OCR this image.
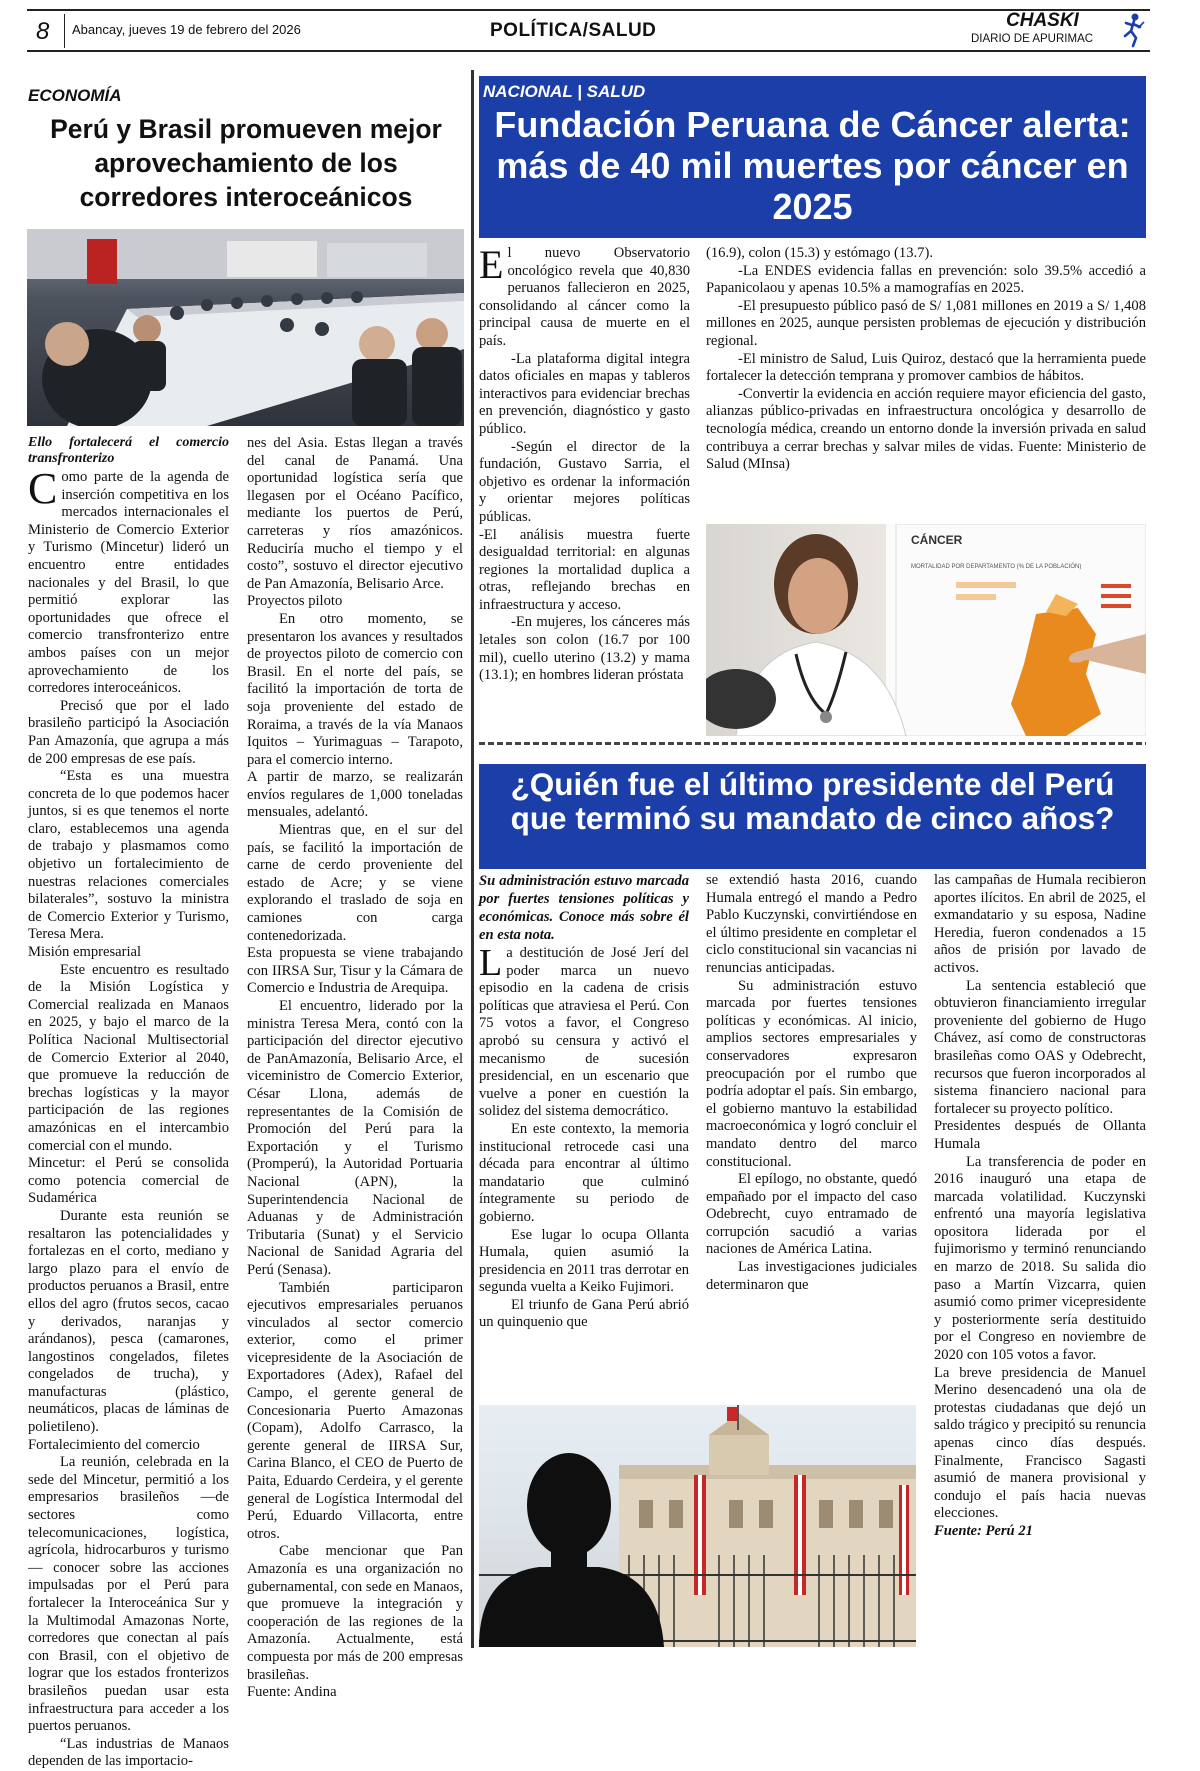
8 Abancay, jueves 19 de febrero del 2026	POLÍTICA/SALUD	CHASKI
DIARIO DE APURIMAC
ECONOMÍA
Perú y Brasil promueven mejor aprovechamiento de los corredores interoceánicos
Ello fortalecerá el comercio transfronterizo

Como parte de la agenda de inserción competitiva en los mercados internacionales el Ministerio de Comercio Exterior y Turismo (Mincetur) lideró un encuentro entre entidades nacionales y del Brasil, lo que permitió explorar las oportunidades que ofrece el comercio transfronterizo entre ambos países con un mejor aprovechamiento de los corredores interoceánicos.

Precisó que por el lado brasileño participó la Asociación Pan Amazonía, que agrupa a más de 200 empresas de ese país.

“Esta es una muestra concreta de lo que podemos hacer juntos, si es que tenemos el norte claro, establecemos una agenda de trabajo y plasmamos como objetivo un fortalecimiento de nuestras relaciones comerciales bilaterales”, sostuvo la ministra de Comercio Exterior y Turismo, Teresa Mera.

Misión empresarial

Este encuentro es resultado de la Misión Logística y Comercial realizada en Manaos en 2025, y bajo el marco de la Política Nacional Multisectorial de Comercio Exterior al 2040, que promueve la reducción de brechas logísticas y la mayor participación de las regiones amazónicas en el intercambio comercial con el mundo.

Mincetur: el Perú se consolida como potencia comercial de Sudamérica

Durante esta reunión se resaltaron las potencialidades y fortalezas en el corto, mediano y largo plazo para el envío de productos peruanos a Brasil, entre ellos del agro (frutos secos, cacao y derivados, naranjas y arándanos), pesca (camarones, langostinos congelados, filetes congelados de trucha), y manufacturas (plástico, neumáticos, placas de láminas de polietileno).

Fortalecimiento del comercio

La reunión, celebrada en la sede del Mincetur, permitió a los empresarios brasileños —de sectores como telecomunicaciones, logística, agrícola, hidrocarburos y turismo— conocer sobre las acciones impulsadas por el Perú para fortalecer la Interoceánica Sur y la Multimodal Amazonas Norte, corredores que conectan al país con Brasil, con el objetivo de lograr que los estados fronterizos brasileños puedan usar esta infraestructura para acceder a los puertos peruanos.

“Las industrias de Manaos dependen de las importacio-

nes del Asia. Estas llegan a través del canal de Panamá. Una oportunidad logística sería que llegasen por el Océano Pacífico, mediante los puertos de Perú, carreteras y ríos amazónicos. Reduciría mucho el tiempo y el costo”, sostuvo el director ejecutivo de Pan Amazonía, Belisario Arce.

Proyectos piloto

En otro momento, se presentaron los avances y resultados de proyectos piloto de comercio con Brasil. En el norte del país, se facilitó la importación de torta de soja proveniente del estado de Roraima, a través de la vía Manaos Iquitos – Yurimaguas – Tarapoto, para el comercio interno.

A partir de marzo, se realizarán envíos regulares de 1,000 toneladas mensuales, adelantó.

Mientras que, en el sur del país, se facilitó la importación de carne de cerdo proveniente del estado de Acre; y se viene explorando el traslado de soja en camiones con carga contenedorizada.

Esta propuesta se viene trabajando con IIRSA Sur, Tisur y la Cámara de Comercio e Industria de Arequipa.

El encuentro, liderado por la ministra Teresa Mera, contó con la participación del director ejecutivo de PanAmazonía, Belisario Arce, el viceministro de Comercio Exterior, César Llona, además de representantes de la Comisión de Promoción del Perú para la Exportación y el Turismo (Promperú), la Autoridad Portuaria Nacional (APN), la Superintendencia Nacional de Aduanas y de Administración Tributaria (Sunat) y el Servicio Nacional de Sanidad Agraria del Perú (Senasa).

También participaron ejecutivos empresariales peruanos vinculados al sector comercio exterior, como el primer vicepresidente de la Asociación de Exportadores (Adex), Rafael del Campo, el gerente general de Concesionaria Puerto Amazonas (Copam), Adolfo Carrasco, la gerente general de IIRSA Sur, Carina Blanco, el CEO de Puerto de Paita, Eduardo Cerdeira, y el gerente general de Logística Intermodal del Perú, Eduardo Villacorta, entre otros.

Cabe mencionar que Pan Amazonía es una organización no gubernamental, con sede en Manaos, que promueve la integración y cooperación de las regiones de la Amazonía. Actualmente, está compuesta por más de 200 empresas brasileñas.

Fuente: Andina

NACIONAL | SALUD
Fundación Peruana de Cáncer alerta: más de 40 mil muertes por cáncer en 2025

El nuevo Observatorio oncológico revela que 40,830 peruanos fallecieron en 2025, consolidando al cáncer como la principal causa de muerte en el país.

-La plataforma digital integra datos oficiales en mapas y tableros interactivos para evidenciar brechas en prevención, diagnóstico y gasto público.

-Según el director de la fundación, Gustavo Sarria, el objetivo es ordenar la información y orientar mejores políticas públicas.

-El análisis muestra fuerte desigualdad territorial: en algunas regiones la mortalidad duplica a otras, reflejando brechas en infraestructura y acceso.

-En mujeres, los cánceres más letales son colon (16.7 por 100 mil), cuello uterino (13.2) y mama (13.1); en hombres lideran próstata

(16.9), colon (15.3) y estómago (13.7).

-La ENDES evidencia fallas en prevención: solo 39.5% accedió a Papanicolaou y apenas 10.5% a mamografías en 2025.

-El presupuesto público pasó de S/ 1,081 millones en 2019 a S/ 1,408 millones en 2025, aunque persisten problemas de ejecución y distribución regional.

-El ministro de Salud, Luis Quiroz, destacó que la herramienta puede fortalecer la detección temprana y promover cambios de hábitos.

-Convertir la evidencia en acción requiere mayor eficiencia del gasto, alianzas público-privadas en infraestructura oncológica y desarrollo de tecnología médica, creando un entorno donde la inversión privada en salud contribuya a cerrar brechas y salvar miles de vidas. Fuente: Ministerio de Salud (MInsa)

CÁNCER
MORTALIDAD POR DEPARTAMENTO (% DE LA POBLACIÓN)
¿Quién fue el último presidente del Perú que terminó su mandato de cinco años?
Su administración estuvo marcada por fuertes tensiones políticas y económicas. Conoce más sobre él en esta nota.

La destitución de José Jerí del poder marca un nuevo episodio en la cadena de crisis políticas que atraviesa el Perú. Con 75 votos a favor, el Congreso aprobó su censura y activó el mecanismo de sucesión presidencial, en un escenario que vuelve a poner en cuestión la solidez del sistema democrático.

En este contexto, la memoria institucional retrocede casi una década para encontrar al último mandatario que culminó íntegramente su periodo de gobierno.

Ese lugar lo ocupa Ollanta Humala, quien asumió la presidencia en 2011 tras derrotar en segunda vuelta a Keiko Fujimori.

El triunfo de Gana Perú abrió un quinquenio que

se extendió hasta 2016, cuando Humala entregó el mando a Pedro Pablo Kuczynski, convirtiéndose en el último presidente en completar el ciclo constitucional sin vacancias ni renuncias anticipadas.

Su administración estuvo marcada por fuertes tensiones políticas y económicas. Al inicio, amplios sectores empresariales y conservadores expresaron preocupación por el rumbo que podría adoptar el país. Sin embargo, el gobierno mantuvo la estabilidad macroeconómica y logró concluir el mandato dentro del marco constitucional.

El epílogo, no obstante, quedó empañado por el impacto del caso Odebrecht, cuyo entramado de corrupción sacudió a varias naciones de América Latina.

Las investigaciones judiciales determinaron que

las campañas de Humala recibieron aportes ilícitos. En abril de 2025, el exmandatario y su esposa, Nadine Heredia, fueron condenados a 15 años de prisión por lavado de activos.

La sentencia estableció que obtuvieron financiamiento irregular proveniente del gobierno de Hugo Chávez, así como de constructoras brasileñas como OAS y Odebrecht, recursos que fueron incorporados al sistema financiero nacional para fortalecer su proyecto político.

Presidentes después de Ollanta Humala

La transferencia de poder en 2016 inauguró una etapa de marcada volatilidad. Kuczynski enfrentó una mayoría legislativa opositora liderada por el fujimorismo y terminó renunciando en marzo de 2018. Su salida dio paso a Martín Vizcarra, quien asumió como primer vicepresidente y posteriormente sería destituido por el Congreso en noviembre de 2020 con 105 votos a favor.

La breve presidencia de Manuel Merino desencadenó una ola de protestas ciudadanas que dejó un saldo trágico y precipitó su renuncia apenas cinco días después. Finalmente, Francisco Sagasti asumió de manera provisional y condujo el país hacia nuevas elecciones.

Fuente: Perú 21
